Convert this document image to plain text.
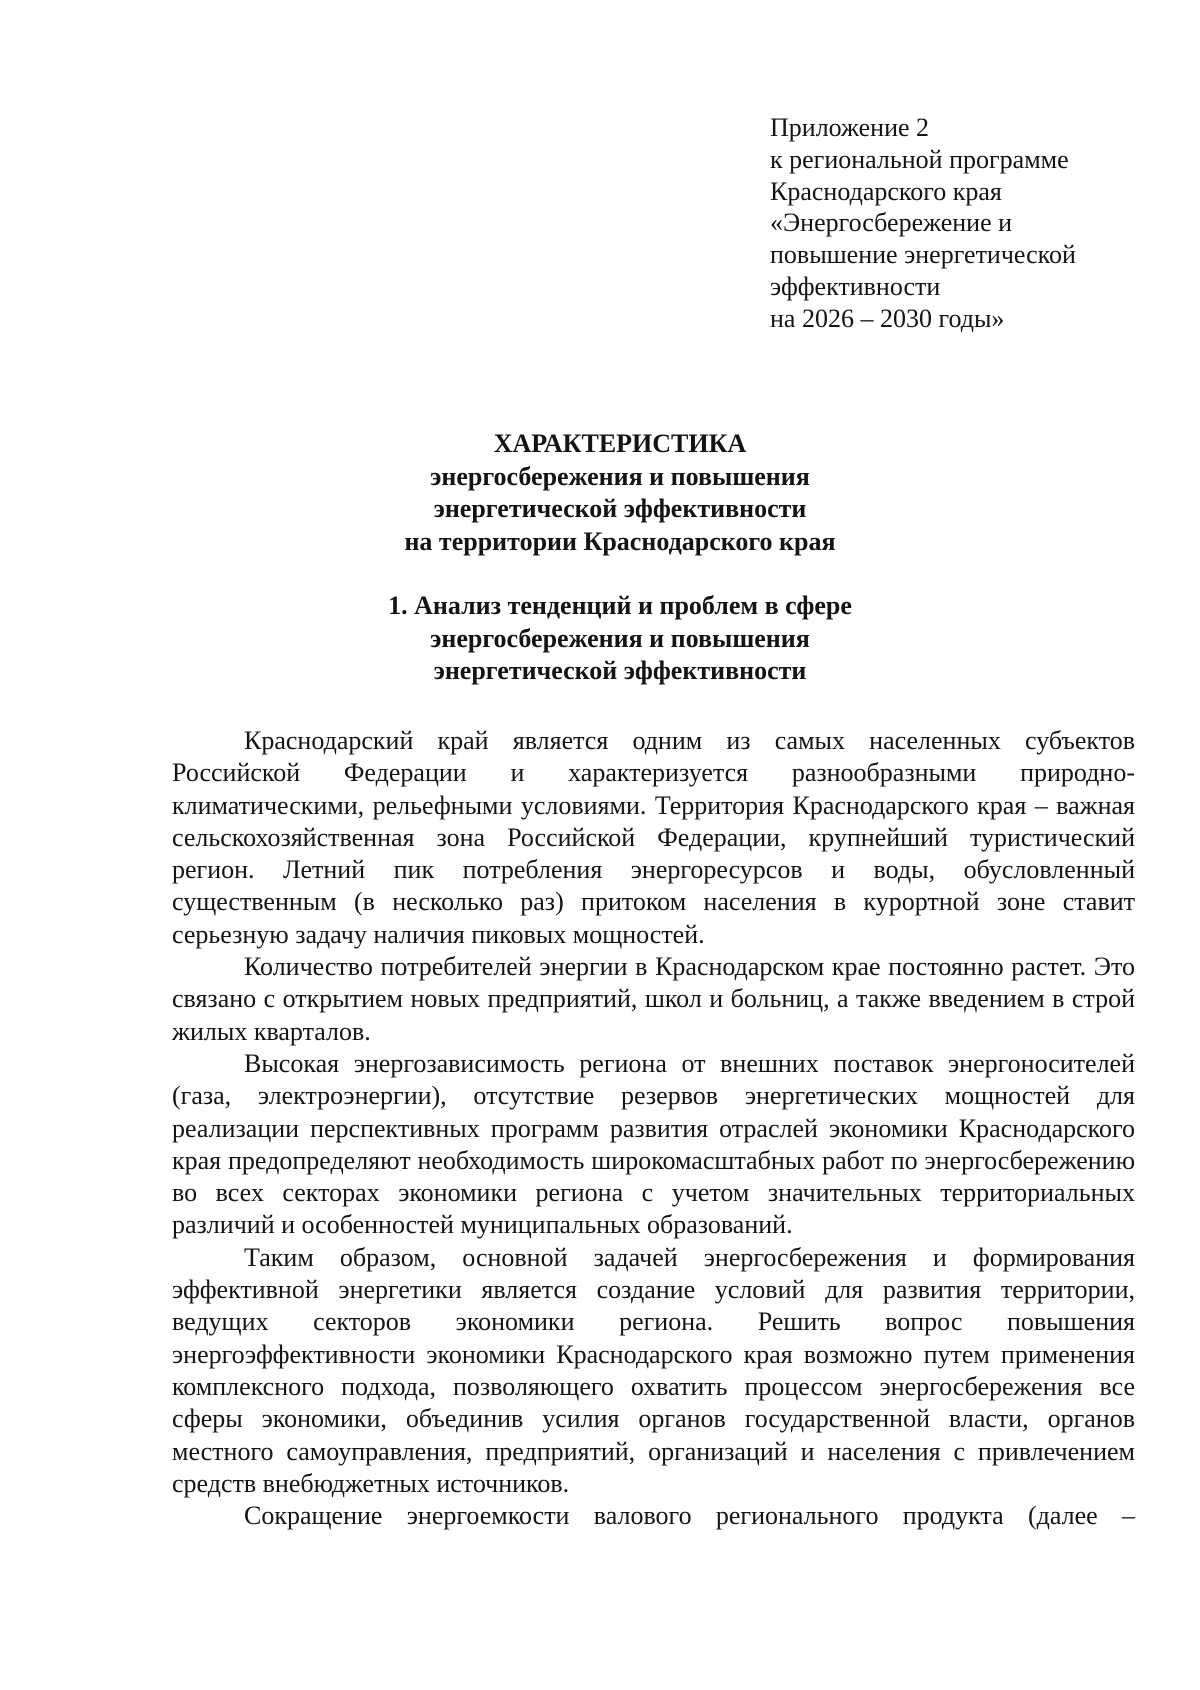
Приложение 2
к региональной программе
Краснодарского края
«Энергосбережение и
повышение энергетической
эффективности
на 2026 – 2030 годы»
ХАРАКТЕРИСТИКА
энергосбережения и повышения
энергетической эффективности
на территории Краснодарского края
1. Анализ тенденций и проблем в сфере
энергосбережения и повышения
энергетической эффективности

Краснодарский край является одним из самых населенных субъектов Российской Федерации и характеризуется разнообразными природно-климатическими, рельефными условиями. Территория Краснодарского края – важная сельскохозяйственная зона Российской Федерации, крупнейший туристический регион. Летний пик потребления энергоресурсов и воды, обусловленный существенным (в несколько раз) притоком населения в курортной зоне ставит серьезную задачу наличия пиковых мощностей.

Количество потребителей энергии в Краснодарском крае постоянно растет. Это связано с открытием новых предприятий, школ и больниц, а также введением в строй жилых кварталов.

Высокая энергозависимость региона от внешних поставок энергоносителей (газа, электроэнергии), отсутствие резервов энергетических мощностей для реализации перспективных программ развития отраслей экономики Краснодарского края предопределяют необходимость широкомасштабных работ по энергосбережению во всех секторах экономики региона с учетом значительных территориальных различий и особенностей муниципальных образований.

Таким образом, основной задачей энергосбережения и формирования эффективной энергетики является создание условий для развития территории, ведущих секторов экономики региона. Решить вопрос повышения энергоэффективности экономики Краснодарского края возможно путем применения комплексного подхода, позволяющего охватить процессом энергосбережения все сферы экономики, объединив усилия органов государственной власти, органов местного самоуправления, предприятий, организаций и населения с привлечением средств внебюджетных источников.

Сокращение энергоемкости валового регионального продукта (далее –
